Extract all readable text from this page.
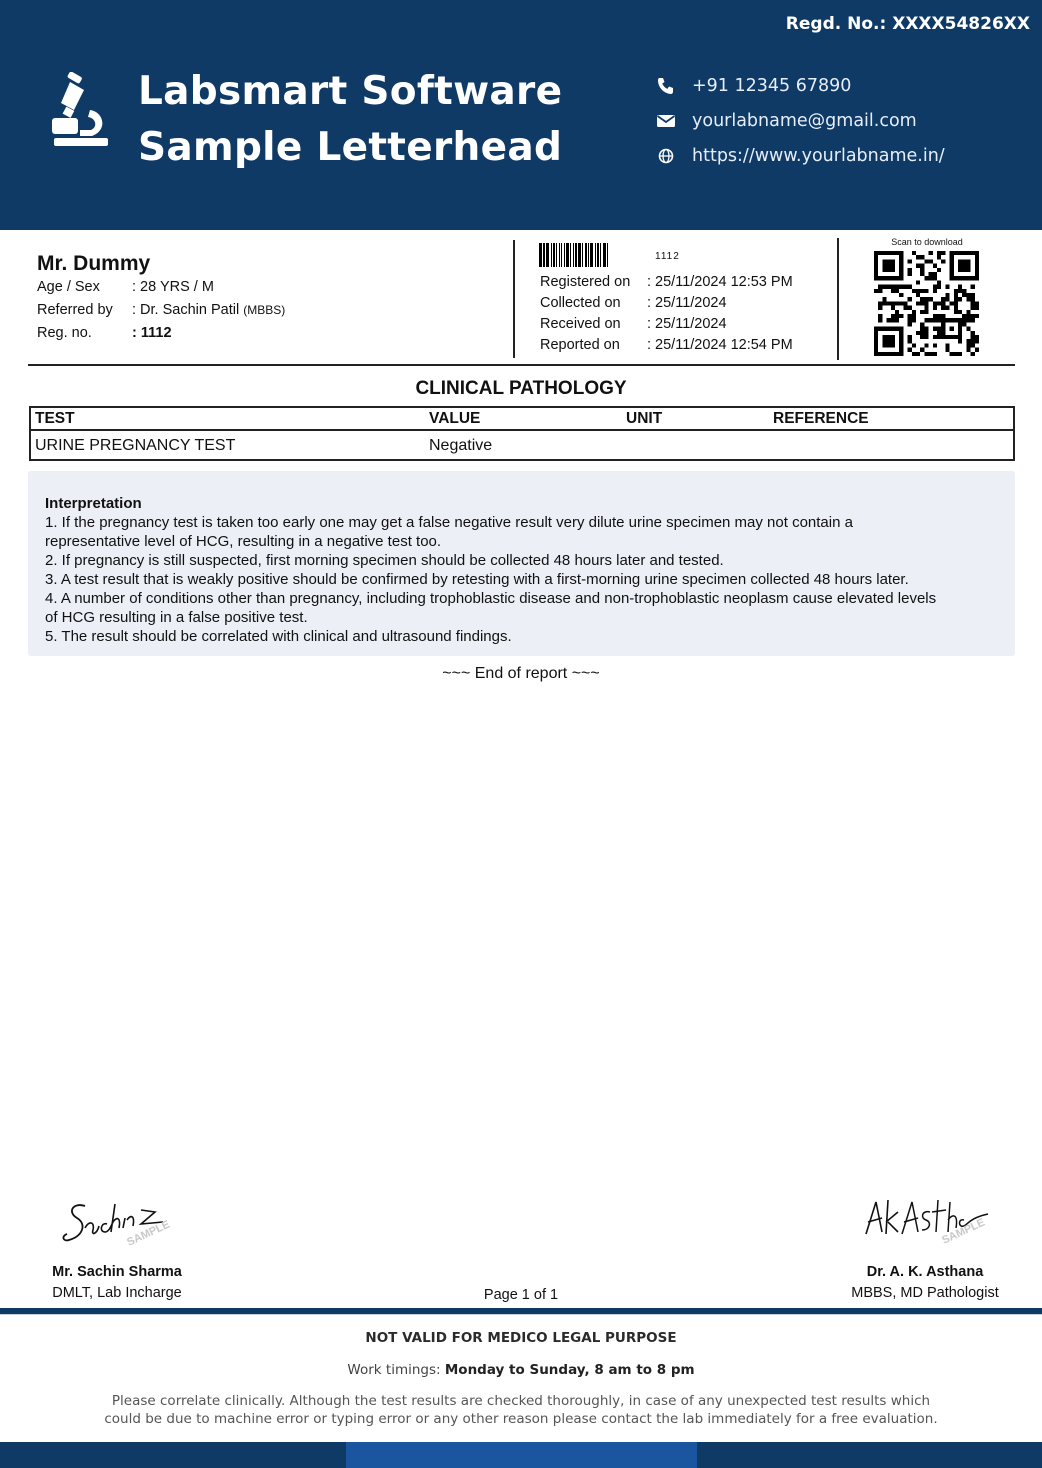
Regd. No.: XXXX54826XX
Labsmart Software
Sample Letterhead
+91 12345 67890
yourlabname@gmail.com
https://www.yourlabname.in/
Mr. Dummy
Age / Sex : 28 YRS / M
Referred by : Dr. Sachin Patil (MBBS)
Reg. no.	: 1112
1112
Registered on : 25/11/2024 12:53 PM
Collected on : 25/11/2024
Received on : 25/11/2024
Reported on : 25/11/2024 12:54 PM
Scan to download
CLINICAL PATHOLOGY
TEST	VALUE	UNIT	REFERENCE
URINE PREGNANCY TEST	Negative
Interpretation
1. If the pregnancy test is taken too early one may get a false negative result very dilute urine specimen may not contain a
representative level of HCG, resulting in a negative test too.
2. If pregnancy is still suspected, first morning specimen should be collected 48 hours later and tested.
3. A test result that is weakly positive should be confirmed by retesting with a first-morning urine specimen collected 48 hours later.
4. A number of conditions other than pregnancy, including trophoblastic disease and non-trophoblastic neoplasm cause elevated levels
of HCG resulting in a false positive test.
5. The result should be correlated with clinical and ultrasound findings.
~~~ End of report ~~~
SAMPLE
Mr. Sachin Sharma
DMLT, Lab Incharge
SAMPLE
Dr. A. K. Asthana
MBBS, MD Pathologist
Page 1 of 1
NOT VALID FOR MEDICO LEGAL PURPOSE
Work timings: Monday to Sunday, 8 am to 8 pm
Please correlate clinically. Although the test results are checked thoroughly, in case of any unexpected test results which
could be due to machine error or typing error or any other reason please contact the lab immediately for a free evaluation.
